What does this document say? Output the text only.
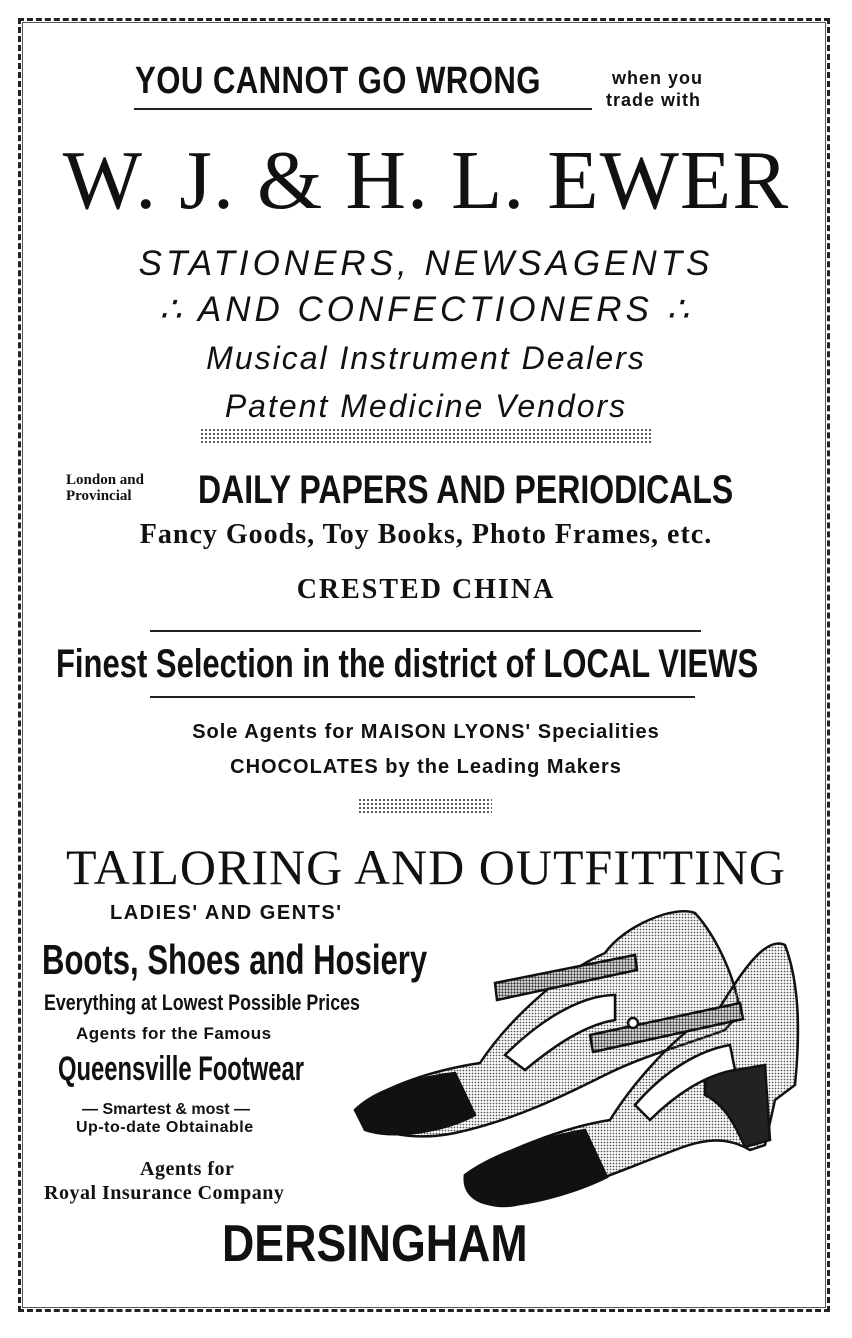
YOU CANNOT GO WRONG	when you
trade with
W. J. & H. L. EWER
STATIONERS, NEWSAGENTS
∴ AND CONFECTIONERS ∴
Musical Instrument Dealers
Patent Medicine Vendors
London and
Provincial DAILY PAPERS AND PERIODICALS
Fancy Goods, Toy Books, Photo Frames, etc.
CRESTED CHINA
Finest Selection in the district of LOCAL VIEWS
Sole Agents for MAISON LYONS' Specialities
CHOCOLATES by the Leading Makers
TAILORING AND OUTFITTING
LADIES' AND GENTS'
Boots, Shoes and Hosiery
Everything at Lowest Possible Prices
Agents for the Famous
Queensville Footwear
— Smartest & most —
Up-to-date Obtainable
Agents for
Royal Insurance Company
DERSINGHAM
